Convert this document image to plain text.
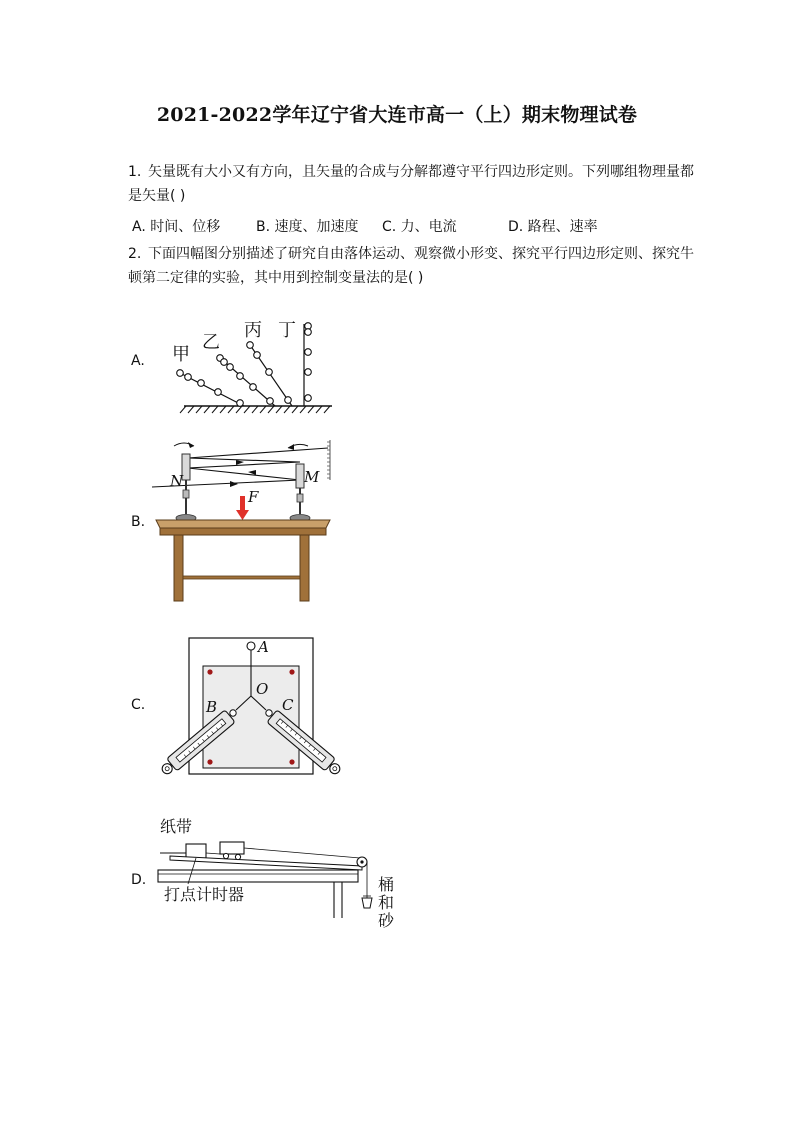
2021-2022学年辽宁省大连市高一（上）期末物理试卷
1. 矢量既有大小又有方向，且矢量的合成与分解都遵守平行四边形定则。下列哪组物理量都
是矢量( )
A. 时间、位移	B. 速度、加速度 C. 力、电流	D. 路程、速率
2. 下面四幅图分别描述了研究自由落体运动、观察微小形变、探究平行四边形定则、探究牛
顿第二定律的实验，其中用到控制变量法的是( )
A. 甲
乙
丙 丁
B.
N	M
F
C.
A
O
B	C
D.
纸带
打点计时器
桶
和
砂
